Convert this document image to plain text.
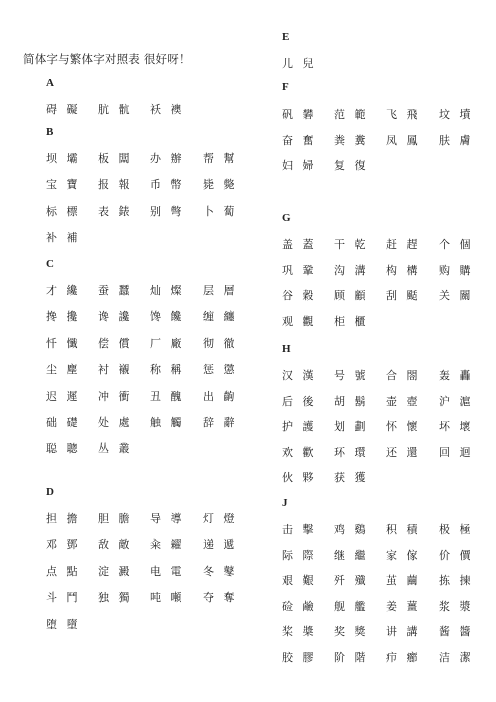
简体字与繁体字对照表 很好呀！
A
碍 礙 肮 骯 袄 襖
B
坝 壩 板 闆 办 辦 帮 幫
宝 寶 报 報 币 幣 毙 斃
标 標 表 錶 别 彆 卜 蔔
补 補
C
才 纔 蚕 蠶 灿 燦 层 層
搀 攙 谗 讒 馋 饞 缠 纏
忏 懺 偿 償 厂 廠 彻 徹
尘 塵 衬 襯 称 稱 惩 懲
迟 遲 冲 衝 丑 醜 出 齣
础 礎 处 處 触 觸 辞 辭
聪 聰 丛 叢
D
担 擔 胆 膽 导 導 灯 燈
邓 鄧 敌 敵 籴 糴 递 遞
点 點 淀 澱 电 電 冬 鼕
斗 鬥 独 獨 吨 噸 夺 奪
堕 墮
E
儿 兒
F
矾 礬 范 範 飞 飛 坟 墳
奋 奮 粪 糞 凤 鳳 肤 膚
妇 婦 复 復
G
盖 蓋 干 乾 赶 趕 个 個
巩 鞏 沟 溝 构 構 购 購
谷 穀 顾 顧 刮 颳 关 關
观 觀 柜 櫃
H
汉 漢 号 號 合 閤 轰 轟
后 後 胡 鬍 壶 壺 沪 滬
护 護 划 劃 怀 懷 坏 壞
欢 歡 环 環 还 還 回 迴
伙 夥 获 獲
J
击 擊 鸡 鷄 积 積 极 極
际 際 继 繼 家 傢 价 價
艰 艱 歼 殲 茧 繭 拣 揀
硷 鹼 舰 艦 姜 薑 浆 漿
桨 槳 奖 獎 讲 講 酱 醬
胶 膠 阶 階 疖 癤 洁 潔
